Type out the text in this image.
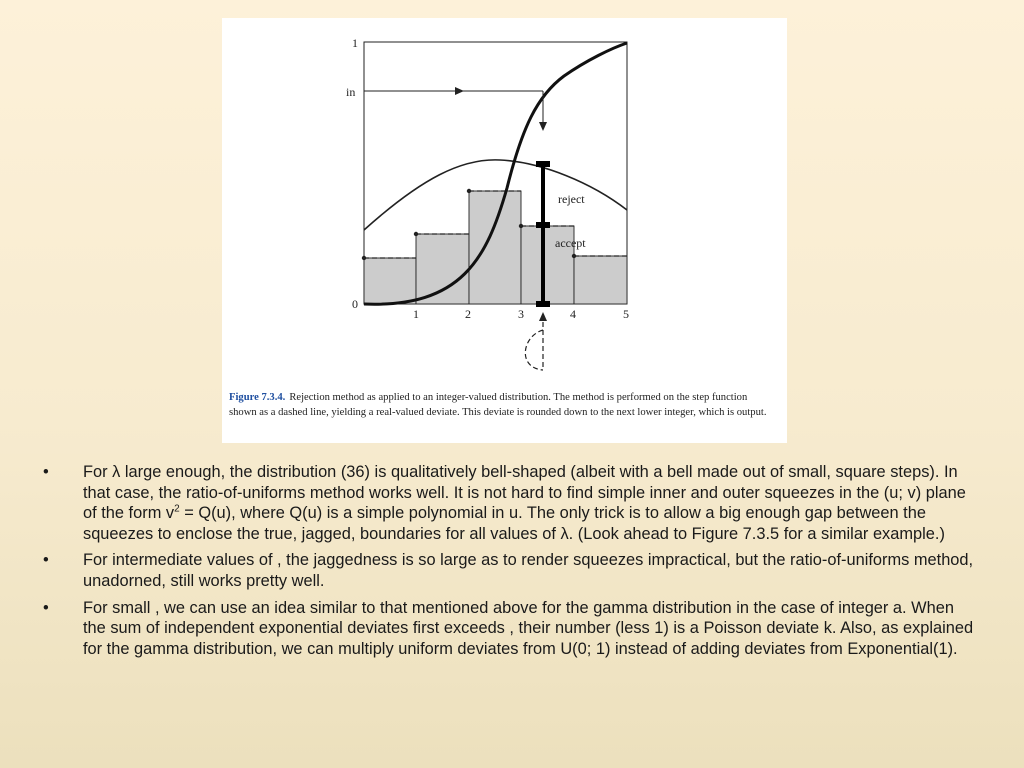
1
in
0
1	2	3	4	5
reject
accept
Figure 7.3.4. Rejection method as applied to an integer-valued distribution. The method is performed on the step function shown as a dashed line, yielding a real-valued deviate. This deviate is rounded down to the next lower integer, which is output.
• For λ large enough, the distribution (36) is qualitatively bell-shaped (albeit with a bell made out of small, square steps). In that case, the ratio-of-uniforms method works well. It is not hard to find simple inner and outer squeezes in the (u; v) plane of the form $v^2 = Q(u)$, where Q(u) is a simple polynomial in u. The only trick is to allow a big enough gap between the squeezes to enclose the true, jagged, boundaries for all values of λ. (Look ahead to Figure 7.3.5 for a similar example.)
• For intermediate values of , the jaggedness is so large as to render squeezes impractical, but the ratio-of-uniforms method, unadorned, still works pretty well.
• For small , we can use an idea similar to that mentioned above for the gamma distribution in the case of integer a. When the sum of independent exponential deviates first exceeds , their number (less 1) is a Poisson deviate k. Also, as explained for the gamma distribution, we can multiply uniform deviates from U(0; 1) instead of adding deviates from Exponential(1).
